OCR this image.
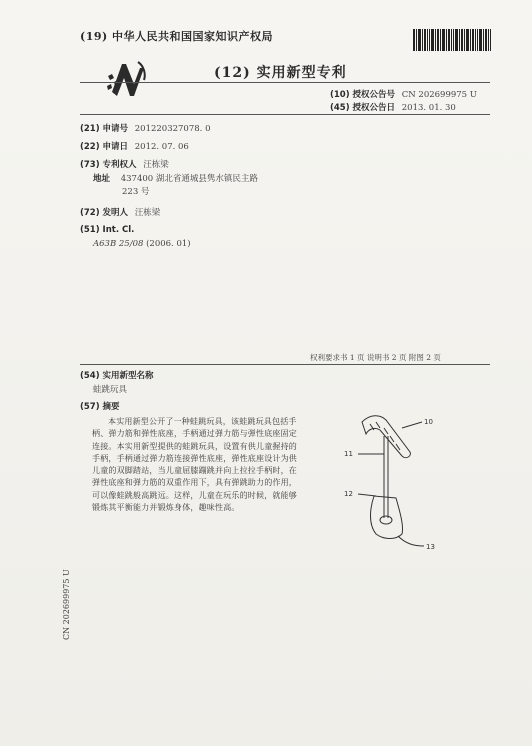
(19) 中华人民共和国国家知识产权局
(12) 实用新型专利
(10) 授权公告号 CN 202699975 U
(45) 授权公告日 2013. 01. 30
(21) 申请号 201220327078. 0
(22) 申请日 2012. 07. 06
(73) 专利权人 汪栋梁
地址 437400 湖北省通城县隽水镇民主路
223 号
(72) 发明人 汪栋梁
(51) Int. Cl.
A63B 25/08 (2006. 01)
权利要求书 1 页 说明书 2 页 附图 2 页
(54) 实用新型名称
蛙跳玩具
(57) 摘要

本实用新型公开了一种蛙跳玩具，该蛙跳玩具包括手柄、弹力筋和弹性底座，手柄通过弹力筋与弹性底座固定连接。本实用新型提供的蛙跳玩具，设置有供儿童握持的手柄，手柄通过弹力筋连接弹性底座，弹性底座设计为供儿童的双脚踏站，当儿童屈膝蹦跳并向上拉拉手柄时，在弹性底座和弹力筋的双重作用下，具有弹跳助力的作用，可以像蛙跳般高跳远。这样，儿童在玩乐的时候，就能够锻炼其平衡能力并锻炼身体，趣味性高。

10
11
12
13
CN 202699975 U
